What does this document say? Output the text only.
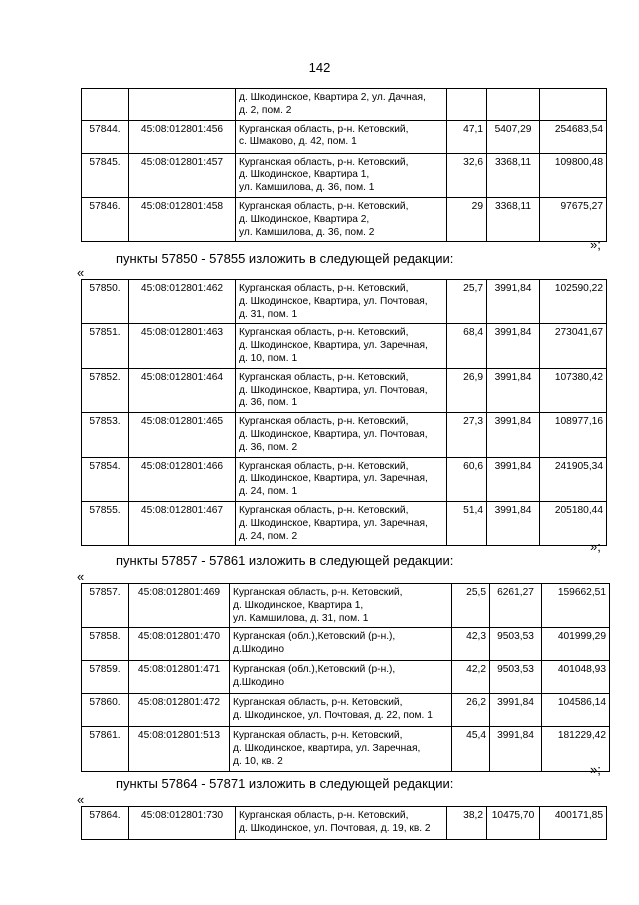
142
		д. Шкодинское, Квартира 2, ул. Дачная,
д. 2, пом. 2			
57844.	45:08:012801:456	Курганская область, р-н. Кетовский,
с. Шмаково, д. 42, пом. 1	47,1	5407,29	254683,54
57845.	45:08:012801:457	Курганская область, р-н. Кетовский,
д. Шкодинское, Квартира 1,
ул. Камшилова, д. 36, пом. 1	32,6	3368,11	109800,48
57846.	45:08:012801:458	Курганская область, р-н. Кетовский,
д. Шкодинское, Квартира 2,
ул. Камшилова, д. 36, пом. 2	29	3368,11	97675,27
»;
пункты 57850 - 57855 изложить в следующей редакции:
«
57850.	45:08:012801:462	Курганская область, р-н. Кетовский,
д. Шкодинское, Квартира, ул. Почтовая,
д. 31, пом. 1	25,7	3991,84	102590,22
57851.	45:08:012801:463	Курганская область, р-н. Кетовский,
д. Шкодинское, Квартира, ул. Заречная,
д. 10, пом. 1	68,4	3991,84	273041,67
57852.	45:08:012801:464	Курганская область, р-н. Кетовский,
д. Шкодинское, Квартира, ул. Почтовая,
д. 36, пом. 1	26,9	3991,84	107380,42
57853.	45:08:012801:465	Курганская область, р-н. Кетовский,
д. Шкодинское, Квартира, ул. Почтовая,
д. 36, пом. 2	27,3	3991,84	108977,16
57854.	45:08:012801:466	Курганская область, р-н. Кетовский,
д. Шкодинское, Квартира, ул. Заречная,
д. 24, пом. 1	60,6	3991,84	241905,34
57855.	45:08:012801:467	Курганская область, р-н. Кетовский,
д. Шкодинское, Квартира, ул. Заречная,
д. 24, пом. 2	51,4	3991,84	205180,44
»;
пункты 57857 - 57861 изложить в следующей редакции:
«
57857.	45:08:012801:469	Курганская область, р-н. Кетовский,
д. Шкодинское, Квартира 1,
ул. Камшилова, д. 31, пом. 1	25,5	6261,27	159662,51
57858.	45:08:012801:470	Курганская (обл.),Кетовский (р-н.),
д.Шкодино	42,3	9503,53	401999,29
57859.	45:08:012801:471	Курганская (обл.),Кетовский (р-н.),
д.Шкодино	42,2	9503,53	401048,93
57860.	45:08:012801:472	Курганская область, р-н. Кетовский,
д. Шкодинское, ул. Почтовая, д. 22, пом. 1	26,2	3991,84	104586,14
57861.	45:08:012801:513	Курганская область, р-н. Кетовский,
д. Шкодинское, квартира, ул. Заречная,
д. 10, кв. 2	45,4	3991,84	181229,42
»;
пункты 57864 - 57871 изложить в следующей редакции:
«
57864.	45:08:012801:730	Курганская область, р-н. Кетовский,
д. Шкодинское, ул. Почтовая, д. 19, кв. 2	38,2	10475,70	400171,85
